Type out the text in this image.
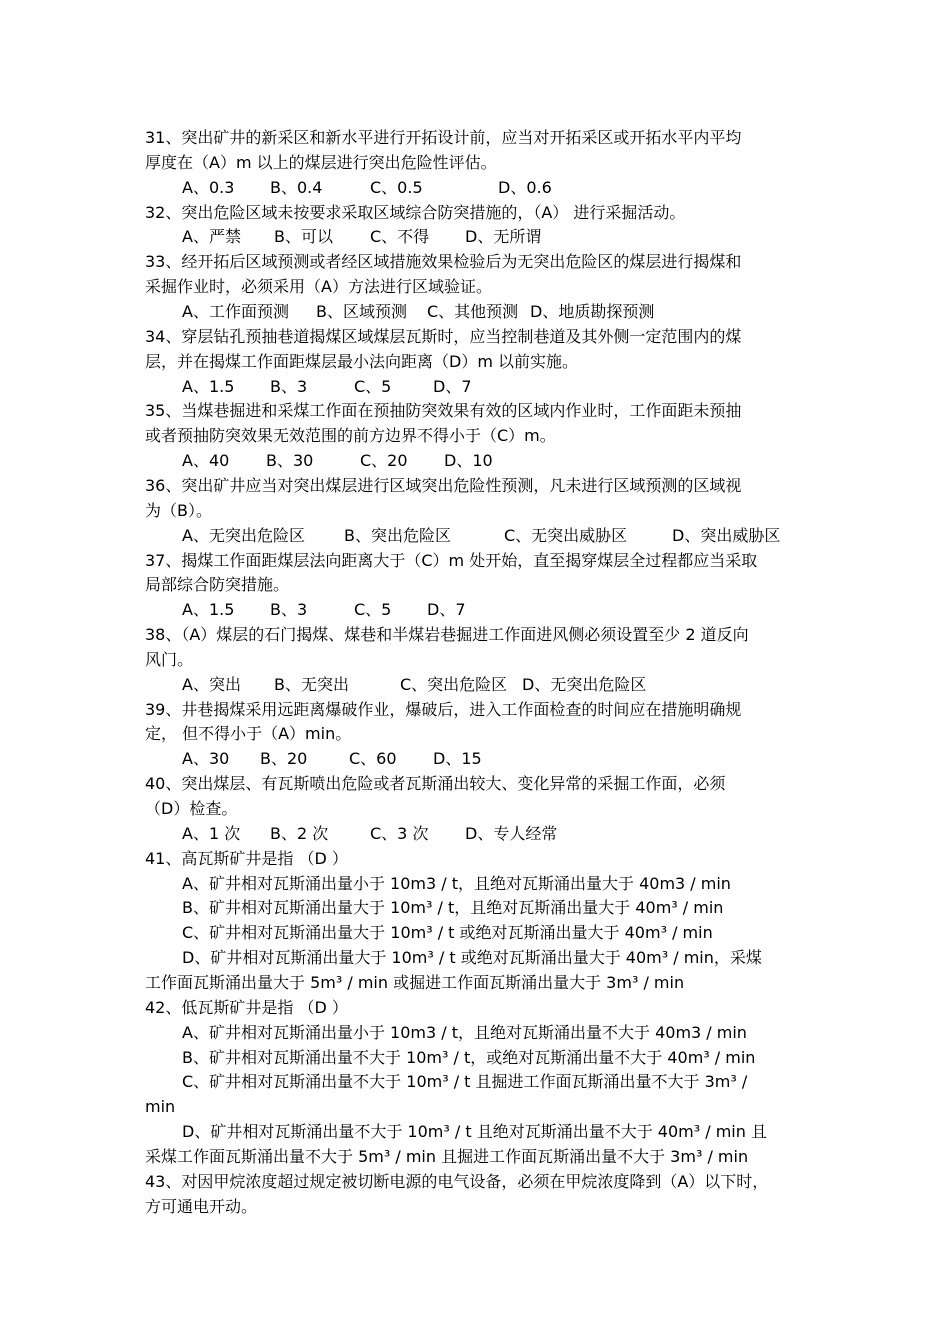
31、突出矿井的新采区和新水平进行开拓设计前，应当对开拓采区或开拓水平内平均
厚度在（A）m 以上的煤层进行突出危险性评估。
A、0.3 B、0.4	C、0.5	D、0.6
32、突出危险区域未按要求采取区域综合防突措施的，（A） 进行采掘活动。
A、严禁 B、可以 C、不得 D、无所谓
33、经开拓后区域预测或者经区域措施效果检验后为无突出危险区的煤层进行揭煤和
采掘作业时，必须采用（A）方法进行区域验证。
A、工作面预测 B、区域预测 C、其他预测 D、地质勘探预测
34、穿层钻孔预抽巷道揭煤区域煤层瓦斯时，应当控制巷道及其外侧一定范围内的煤
层，并在揭煤工作面距煤层最小法向距离（D）m 以前实施。
A、1.5 B、3	C、5	D、7
35、当煤巷掘进和采煤工作面在预抽防突效果有效的区域内作业时，工作面距未预抽
或者预抽防突效果无效范围的前方边界不得小于（C）m。
A、40 B、30	C、20 D、10
36、突出矿井应当对突出煤层进行区域突出危险性预测，凡未进行区域预测的区域视
为（B）。
A、无突出危险区 B、突出危险区	C、无突出威胁区	D、突出威胁区
37、揭煤工作面距煤层法向距离大于（C）m 处开始，直至揭穿煤层全过程都应当采取
局部综合防突措施。
A、1.5 B、3	C、5 D、7
38、（A）煤层的石门揭煤、煤巷和半煤岩巷掘进工作面进风侧必须设置至少 2 道反向
风门。
A、突出 B、无突出	C、突出危险区 D、无突出危险区
39、井巷揭煤采用远距离爆破作业，爆破后，进入工作面检查的时间应在措施明确规
定， 但不得小于（A）min。
A、30 B、20	C、60 D、15
40、突出煤层、有瓦斯喷出危险或者瓦斯涌出较大、变化异常的采掘工作面，必须
（D）检查。
A、1 次 B、2 次	C、3 次 D、专人经常
41、高瓦斯矿井是指 （D ）
A、矿井相对瓦斯涌出量小于 10m3 / t，且绝对瓦斯涌出量大于 40m3 / min
B、矿井相对瓦斯涌出量大于 10m³ / t，且绝对瓦斯涌出量大于 40m³ / min
C、矿井相对瓦斯涌出量大于 10m³ / t 或绝对瓦斯涌出量大于 40m³ / min
D、矿井相对瓦斯涌出量大于 10m³ / t 或绝对瓦斯涌出量大于 40m³ / min，采煤
工作面瓦斯涌出量大于 5m³ / min 或掘进工作面瓦斯涌出量大于 3m³ / min
42、低瓦斯矿井是指 （D ）
A、矿井相对瓦斯涌出量小于 10m3 / t，且绝对瓦斯涌出量不大于 40m3 / min
B、矿井相对瓦斯涌出量不大于 10m³ / t，或绝对瓦斯涌出量不大于 40m³ / min
C、矿井相对瓦斯涌出量不大于 10m³ / t 且掘进工作面瓦斯涌出量不大于 3m³ /
min
D、矿井相对瓦斯涌出量不大于 10m³ / t 且绝对瓦斯涌出量不大于 40m³ / min 且
采煤工作面瓦斯涌出量不大于 5m³ / min 且掘进工作面瓦斯涌出量不大于 3m³ / min
43、对因甲烷浓度超过规定被切断电源的电气设备，必须在甲烷浓度降到（A）以下时，
方可通电开动。
